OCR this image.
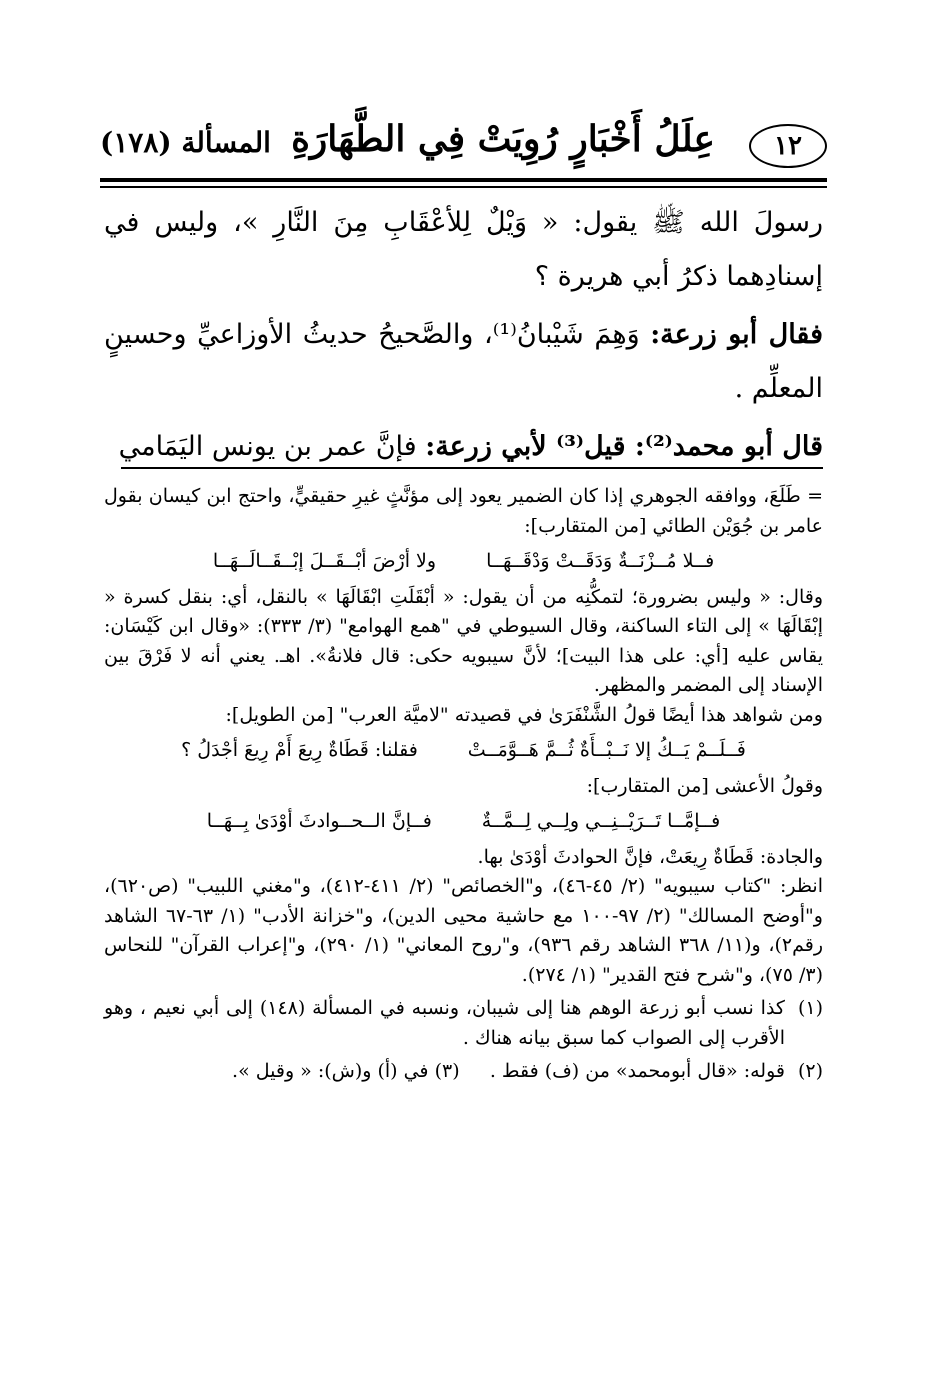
١٢
عِلَلُ أَخْبَارٍ رُوِيَتْ فِي الطَّهَارَةِ
المسألة (١٧٨)

رسولَ الله ﷺ يقول: « وَيْلٌ لِلأعْقَابِ مِنَ النَّارِ »، وليس في إسنادِهما ذكرُ أبي هريرة ؟

فقال أبو زرعة: وَهِمَ شَيْبانُ⁽¹⁾، والصَّحيحُ حديثُ الأوزاعيِّ وحسينٍ المعلِّم .

قال أبو محمد⁽²⁾: قيل⁽³⁾ لأبي زرعة: فإنَّ عمر بن يونس اليَمَامي

= طَلَعَ، ووافقه الجوهري إذا كان الضمير يعود إلى مؤنَّثٍ غيرِ حقيقيٍّ، واحتج ابن كيسان بقول عامر بن جُوَيْن الطائي [من المتقارب]:

فــلا مُــزْنَــةٌ وَدَقَــتْ وَدْقَــهَــا
ولا أرْضَ أبْــقَــلَ إبْــقَــالَــهَــا

وقال: « وليس بضرورة؛ لتمكُّنِه من أن يقول: « أبْقَلَتِ ابْقَالَهَا » بالنقل، أي: بنقل كسرة « إبْقَالَهَا » إلى التاء الساكنة، وقال السيوطي في "همع الهوامع" (٣/ ٣٣٣): «وقال ابن كَيْسَان: يقاس عليه [أي: على هذا البيت]؛ لأنَّ سيبويه حكى: قال فلانةُ». اهـ. يعني أنه لا فَرْقَ بين الإسناد إلى المضمر والمظهر.

ومن شواهد هذا أيضًا قولُ الشَّنْفَرَىٰ في قصيدته "لاميَّة العرب" [من الطويل]:

فَــلَــمْ يَــكُ إلا نَــبْــأَةٌ ثُــمَّ هَــوَّمَــتْ
فقلنا: قَطَاةٌ رِيعَ أَمْ رِيعَ أجْدَلُ ؟

وقولُ الأعشى [من المتقارب]:

فــإمَّــا تَــرَيْــنِــي ولِــي لِــمَّــةٌ
فــإنَّ الــحــوادثَ أوْدَىٰ بِــهَــا

والجادة: قَطَاةٌ رِيعَتْ، فإنَّ الحوادثَ أوْدَىٰ بها.

انظر: "كتاب سيبويه" (٢/ ٤٥-٤٦)، و"الخصائص" (٢/ ٤١١-٤١٢)، و"مغني اللبيب" (ص٦٢٠)، و"أوضح المسالك" (٢/ ٩٧-١٠٠ مع حاشية محيى الدين)، و"خزانة الأدب" (١/ ٦٣-٦٧ الشاهد رقم٢)، و(١١/ ٣٦٨ الشاهد رقم ٩٣٦)، و"روح المعاني" (١/ ٢٩٠)، و"إعراب القرآن" للنحاس (٣/ ٧٥)، و"شرح فتح القدير" (١/ ٢٧٤).

(١)
كذا نسب أبو زرعة الوهم هنا إلى شيبان، ونسبه في المسألة (١٤٨) إلى أبي نعيم ، وهو الأقرب إلى الصواب كما سبق بيانه هناك .
(٢)
قوله: «قال أبومحمد» من (ف) فقط .     (٣) في (أ) و(ش): « وقيل ».
